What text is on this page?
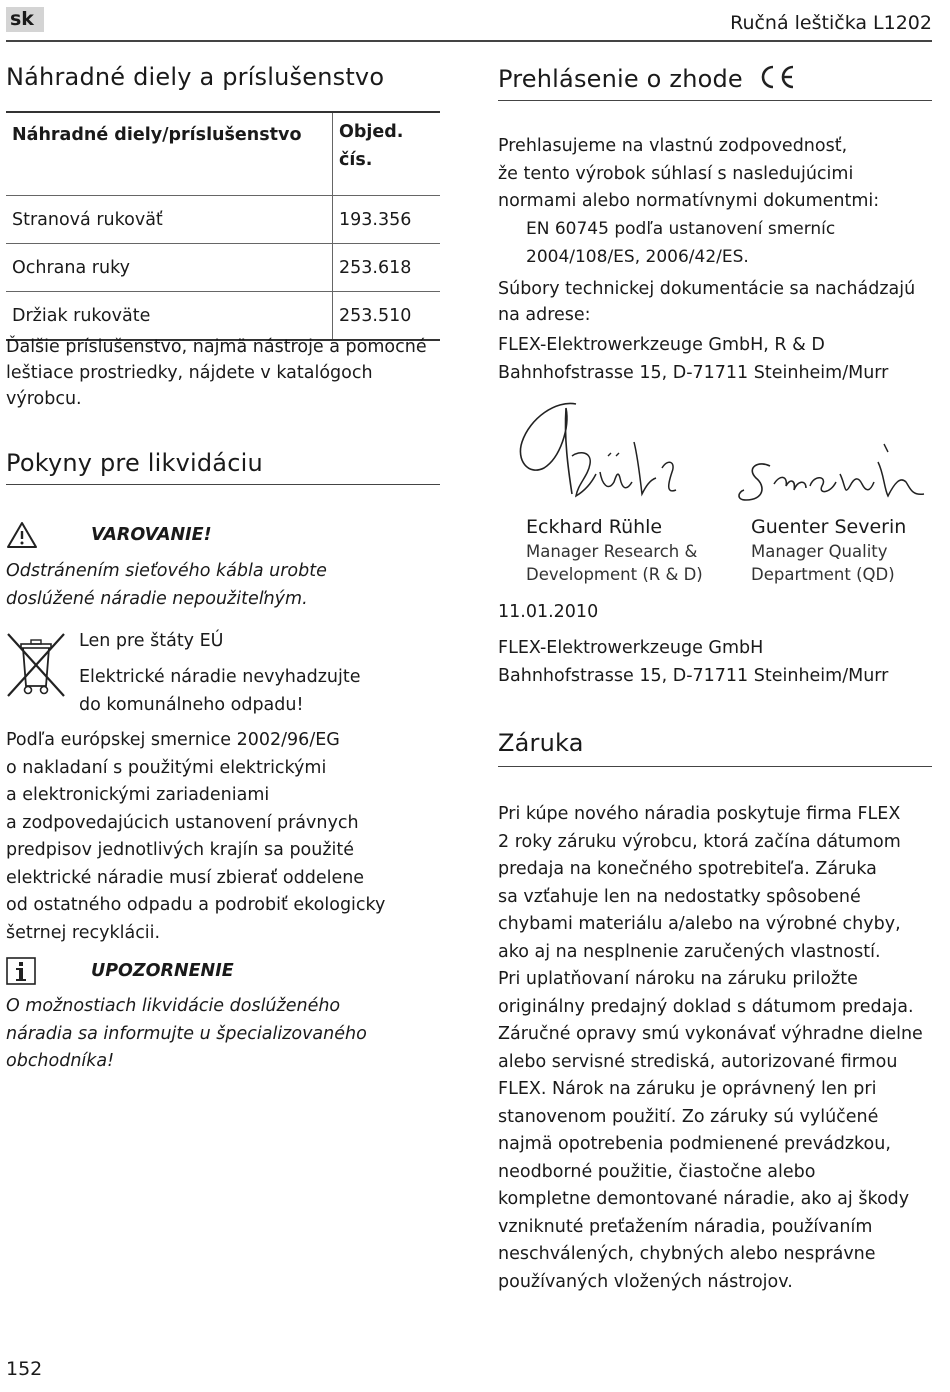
sk	Ručná leštička L1202
Náhradné diely a príslušenstvo
Náhradné diely/príslušenstvo	Objed.
čís.

Stranová rukoväť	193.356
Ochrana ruky	253.618
Držiak rukoväte	253.510
Ďalšie príslušenstvo, najmä nástroje a pomocné
leštiace prostriedky, nájdete v katalógoch
výrobcu.
Pokyny pre likvidáciu
VAROVANIE!
Odstránením sieťového kábla urobte
doslúžené náradie nepoužiteľným.
Len pre štáty EÚ
Elektrické náradie nevyhadzujte
do komunálneho odpadu!
Podľa európskej smernice 2002/96/EG
o nakladaní s použitými elektrickými
a elektronickými zariadeniami
a zodpovedajúcich ustanovení právnych
predpisov jednotlivých krajín sa použité
elektrické náradie musí zbierať oddelene
od ostatného odpadu a podrobiť ekologicky
šetrnej recyklácii.
UPOZORNENIE
O možnostiach likvidácie doslúženého
náradia sa informujte u špecializovaného
obchodníka!
Prehlásenie o zhode
Prehlasujeme na vlastnú zodpovednosť,
že tento výrobok súhlasí s nasledujúcimi
normami alebo normatívnymi dokumentmi:
EN 60745 podľa ustanovení smerníc
2004/108/ES, 2006/42/ES.
Súbory technickej dokumentácie sa nachádzajú
na adrese:
FLEX-Elektrowerkzeuge GmbH, R & D
Bahnhofstrasse 15, D-71711 Steinheim/Murr
Eckhard Rühle
Manager Research &
Development (R & D)
Guenter Severin
Manager Quality
Department (QD)
11.01.2010
FLEX-Elektrowerkzeuge GmbH
Bahnhofstrasse 15, D-71711 Steinheim/Murr
Záruka
Pri kúpe nového náradia poskytuje firma FLEX
2 roky záruku výrobcu, ktorá začína dátumom
predaja na konečného spotrebiteľa. Záruka
sa vzťahuje len na nedostatky spôsobené
chybami materiálu a/alebo na výrobné chyby,
ako aj na nesplnenie zaručených vlastností.
Pri uplatňovaní nároku na záruku priložte
originálny predajný doklad s dátumom predaja.
Záručné opravy smú vykonávať výhradne dielne
alebo servisné strediská, autorizované firmou
FLEX. Nárok na záruku je oprávnený len pri
stanovenom použití. Zo záruky sú vylúčené
najmä opotrebenia podmienené prevádzkou,
neodborné použitie, čiastočne alebo
kompletne demontované náradie, ako aj škody
vzniknuté preťažením náradia, používaním
neschválených, chybných alebo nesprávne
používaných vložených nástrojov.
152
